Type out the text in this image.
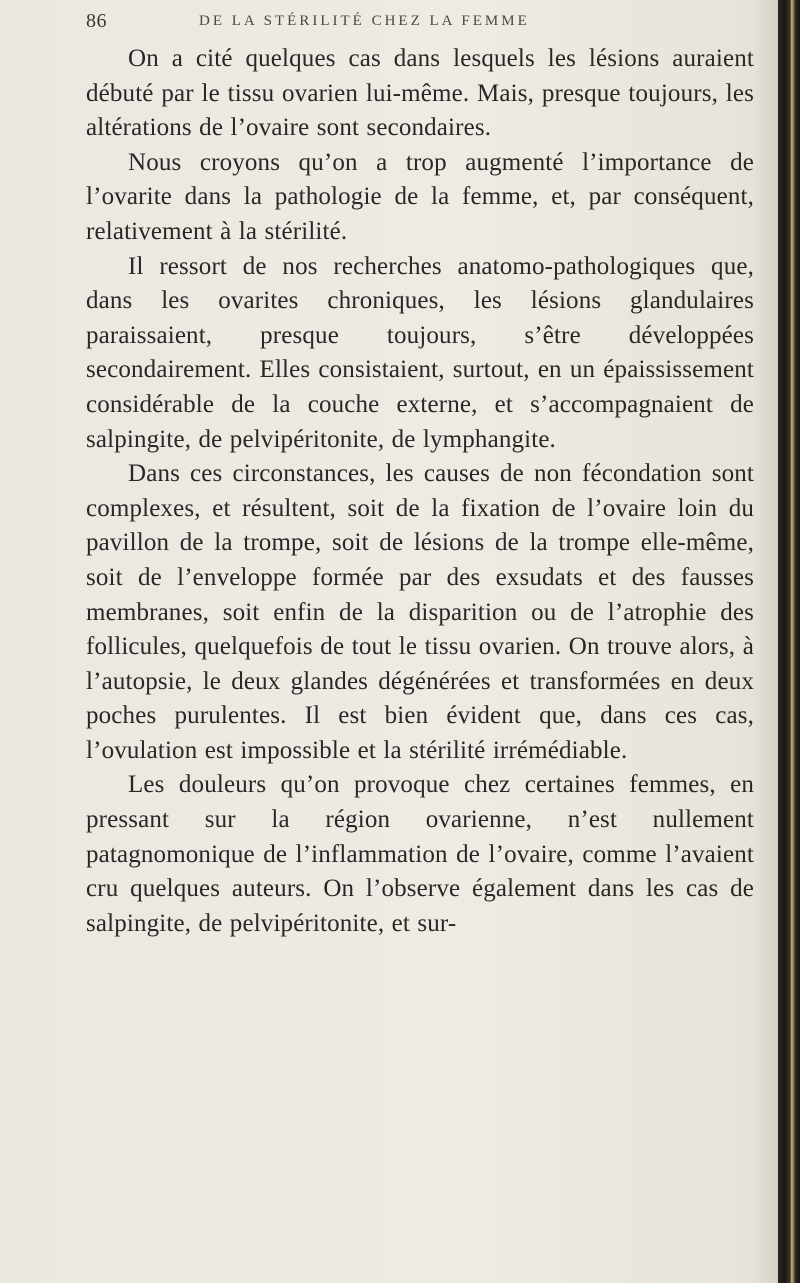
86	DE LA STÉRILITÉ CHEZ LA FEMME

On a cité quelques cas dans lesquels les lésions auraient débuté par le tissu ovarien lui-même. Mais, presque toujours, les altérations de l’ovaire sont secondaires.

Nous croyons qu’on a trop augmenté l’importance de l’ovarite dans la pathologie de la femme, et, par conséquent, relativement à la stérilité.

Il ressort de nos recherches anatomo-pathologiques que, dans les ovarites chroniques, les lésions glandulaires paraissaient, presque toujours, s’être développées secondairement. Elles consistaient, surtout, en un épaississement considérable de la couche externe, et s’accompagnaient de salpingite, de pelvipéritonite, de lymphangite.

Dans ces circonstances, les causes de non fécondation sont complexes, et résultent, soit de la fixation de l’ovaire loin du pavillon de la trompe, soit de lésions de la trompe elle-même, soit de l’enveloppe formée par des exsudats et des fausses membranes, soit enfin de la disparition ou de l’atrophie des follicules, quelquefois de tout le tissu ovarien. On trouve alors, à l’autopsie, le deux glandes dégénérées et transformées en deux poches purulentes. Il est bien évident que, dans ces cas, l’ovulation est impossible et la stérilité irrémédiable.

Les douleurs qu’on provoque chez certaines femmes, en pressant sur la région ovarienne, n’est nullement patagnomonique de l’inflammation de l’ovaire, comme l’avaient cru quelques auteurs. On l’observe également dans les cas de salpingite, de pelvipéritonite, et sur-
